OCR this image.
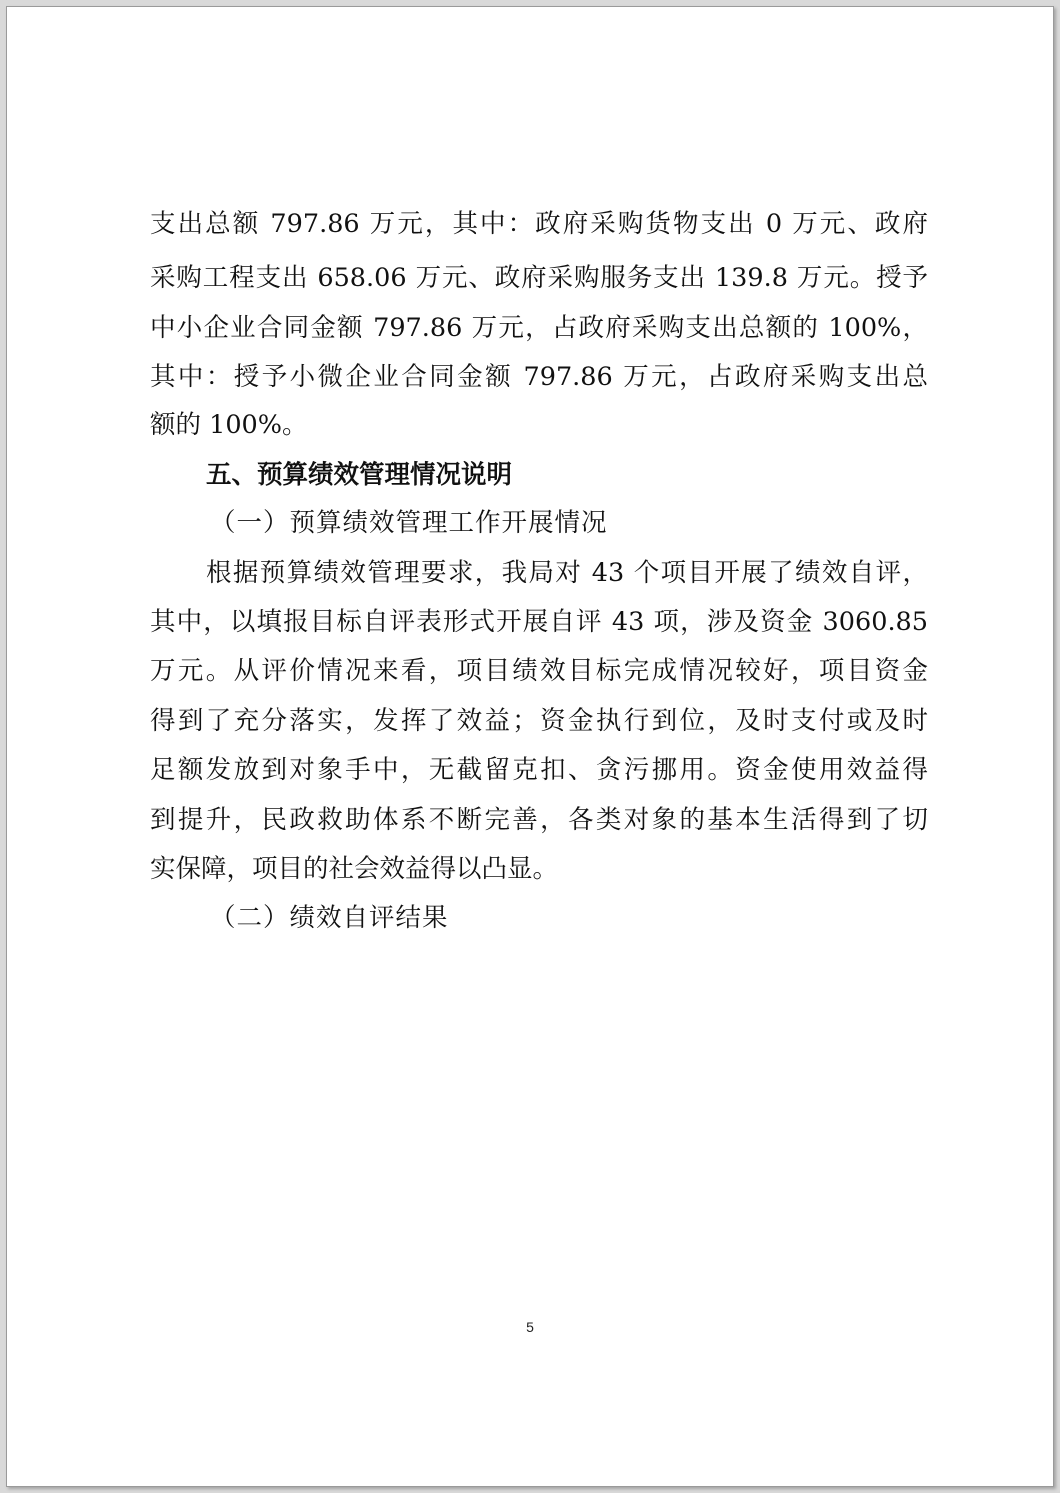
支出总额 797.86 万元，其中：政府采购货物支出 0 万元、政府
采购工程支出 658.06 万元、政府采购服务支出 139.8 万元。授予
中小企业合同金额 797.86 万元，占政府采购支出总额的 100%，
其中：授予小微企业合同金额 797.86 万元，占政府采购支出总
额的 100%。
五、预算绩效管理情况说明
（一）预算绩效管理工作开展情况
根据预算绩效管理要求，我局对 43 个项目开展了绩效自评，
其中，以填报目标自评表形式开展自评 43 项，涉及资金 3060.85
万元。从评价情况来看，项目绩效目标完成情况较好，项目资金
得到了充分落实，发挥了效益；资金执行到位，及时支付或及时
足额发放到对象手中，无截留克扣、贪污挪用。资金使用效益得
到提升，民政救助体系不断完善，各类对象的基本生活得到了切
实保障，项目的社会效益得以凸显。
（二）绩效自评结果
5
